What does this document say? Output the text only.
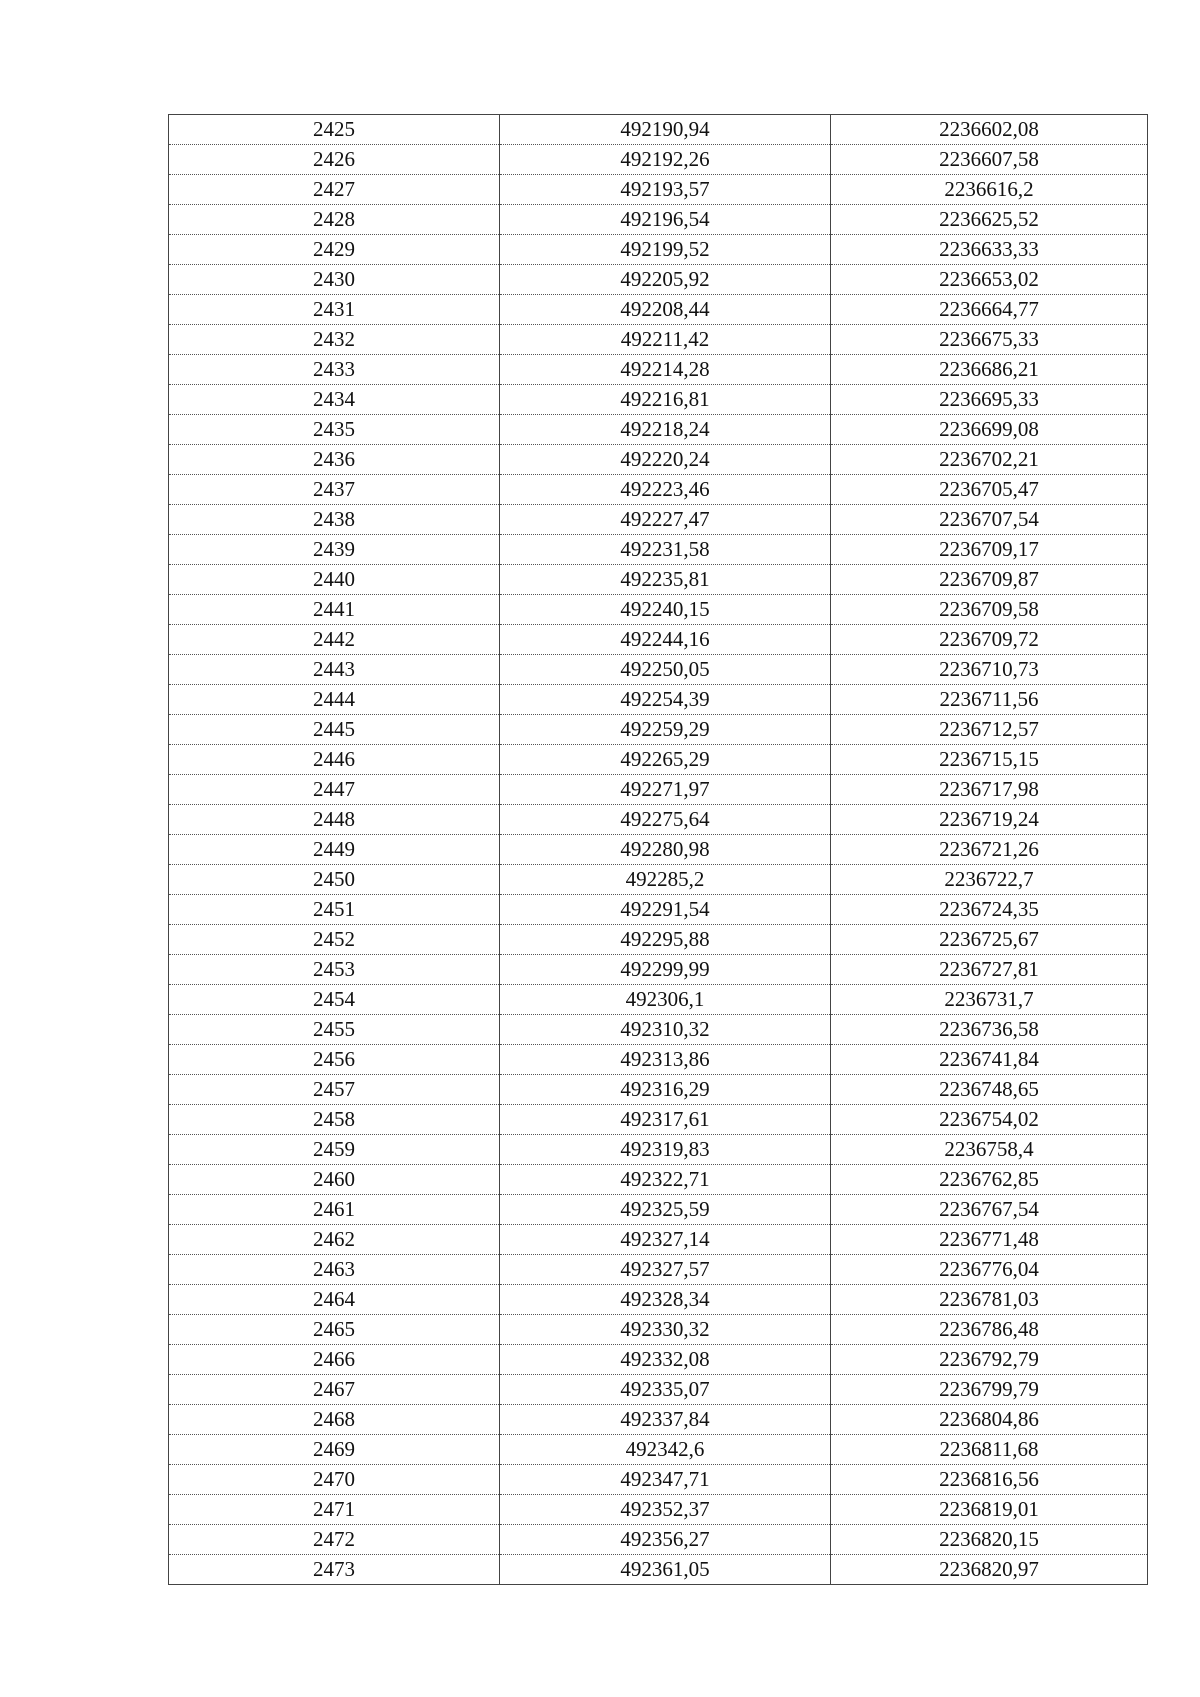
2425	492190,94	2236602,08
2426	492192,26	2236607,58
2427	492193,57	2236616,2
2428	492196,54	2236625,52
2429	492199,52	2236633,33
2430	492205,92	2236653,02
2431	492208,44	2236664,77
2432	492211,42	2236675,33
2433	492214,28	2236686,21
2434	492216,81	2236695,33
2435	492218,24	2236699,08
2436	492220,24	2236702,21
2437	492223,46	2236705,47
2438	492227,47	2236707,54
2439	492231,58	2236709,17
2440	492235,81	2236709,87
2441	492240,15	2236709,58
2442	492244,16	2236709,72
2443	492250,05	2236710,73
2444	492254,39	2236711,56
2445	492259,29	2236712,57
2446	492265,29	2236715,15
2447	492271,97	2236717,98
2448	492275,64	2236719,24
2449	492280,98	2236721,26
2450	492285,2	2236722,7
2451	492291,54	2236724,35
2452	492295,88	2236725,67
2453	492299,99	2236727,81
2454	492306,1	2236731,7
2455	492310,32	2236736,58
2456	492313,86	2236741,84
2457	492316,29	2236748,65
2458	492317,61	2236754,02
2459	492319,83	2236758,4
2460	492322,71	2236762,85
2461	492325,59	2236767,54
2462	492327,14	2236771,48
2463	492327,57	2236776,04
2464	492328,34	2236781,03
2465	492330,32	2236786,48
2466	492332,08	2236792,79
2467	492335,07	2236799,79
2468	492337,84	2236804,86
2469	492342,6	2236811,68
2470	492347,71	2236816,56
2471	492352,37	2236819,01
2472	492356,27	2236820,15
2473	492361,05	2236820,97
